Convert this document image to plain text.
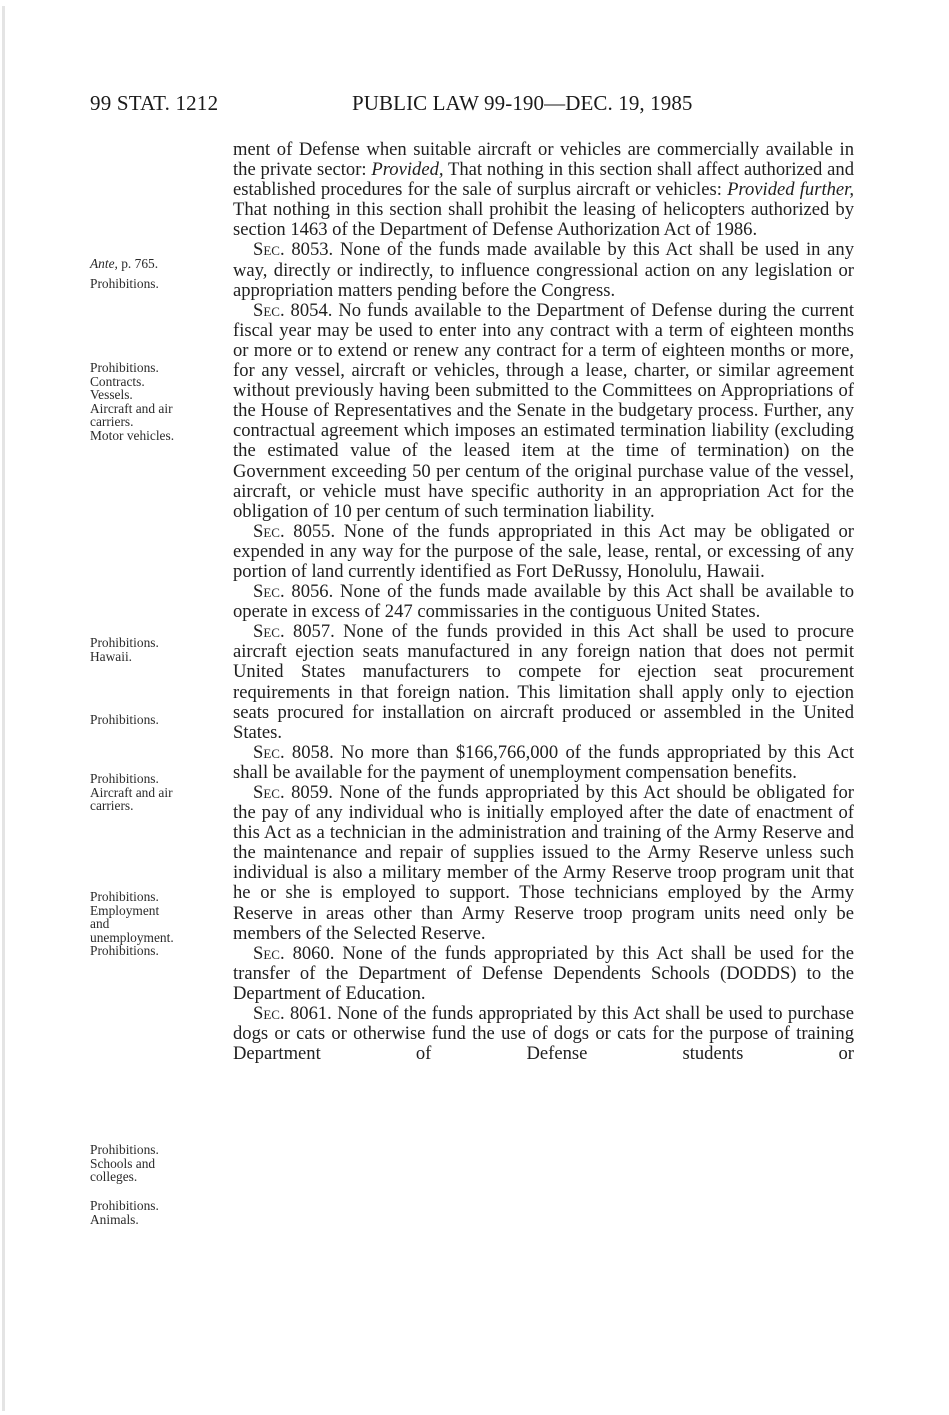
99 STAT. 1212	PUBLIC LAW 99-190—DEC. 19, 1985
Ante, p. 765.
Prohibitions.
Prohibitions.
Contracts.
Vessels.
Aircraft and air
carriers.
Motor vehicles.
Prohibitions.
Hawaii.
Prohibitions.
Prohibitions.
Aircraft and air
carriers.
Prohibitions.
Employment
and
unemployment.
Prohibitions.
Prohibitions.
Schools and
colleges.
Prohibitions.
Animals.

ment of Defense when suitable aircraft or vehicles are commercially available in the private sector: Provided, That nothing in this section shall affect authorized and established procedures for the sale of surplus aircraft or vehicles: Provided further, That nothing in this section shall prohibit the leasing of helicopters authorized by section 1463 of the Department of Defense Authorization Act of 1986.

Sec. 8053. None of the funds made available by this Act shall be used in any way, directly or indirectly, to influence congressional action on any legislation or appropriation matters pending before the Congress.

Sec. 8054. No funds available to the Department of Defense during the current fiscal year may be used to enter into any contract with a term of eighteen months or more or to extend or renew any contract for a term of eighteen months or more, for any vessel, aircraft or vehicles, through a lease, charter, or similar agreement without previously having been submitted to the Committees on Appropriations of the House of Representatives and the Senate in the budgetary process. Further, any contractual agreement which imposes an estimated termination liability (excluding the estimated value of the leased item at the time of termination) on the Government exceeding 50 per centum of the original purchase value of the vessel, aircraft, or vehicle must have specific authority in an appropriation Act for the obligation of 10 per centum of such termination liability.

Sec. 8055. None of the funds appropriated in this Act may be obligated or expended in any way for the purpose of the sale, lease, rental, or excessing of any portion of land currently identified as Fort DeRussy, Honolulu, Hawaii.

Sec. 8056. None of the funds made available by this Act shall be available to operate in excess of 247 commissaries in the contiguous United States.

Sec. 8057. None of the funds provided in this Act shall be used to procure aircraft ejection seats manufactured in any foreign nation that does not permit United States manufacturers to compete for ejection seat procurement requirements in that foreign nation. This limitation shall apply only to ejection seats procured for installation on aircraft produced or assembled in the United States.

Sec. 8058. No more than $166,766,000 of the funds appropriated by this Act shall be available for the payment of unemployment compensation benefits.

Sec. 8059. None of the funds appropriated by this Act should be obligated for the pay of any individual who is initially employed after the date of enactment of this Act as a technician in the administration and training of the Army Reserve and the maintenance and repair of supplies issued to the Army Reserve unless such individual is also a military member of the Army Reserve troop program unit that he or she is employed to support. Those technicians employed by the Army Reserve in areas other than Army Reserve troop program units need only be members of the Selected Reserve.

Sec. 8060. None of the funds appropriated by this Act shall be used for the transfer of the Department of Defense Dependents Schools (DODDS) to the Department of Education.

Sec. 8061. None of the funds appropriated by this Act shall be used to purchase dogs or cats or otherwise fund the use of dogs or cats for the purpose of training Department of Defense students or
